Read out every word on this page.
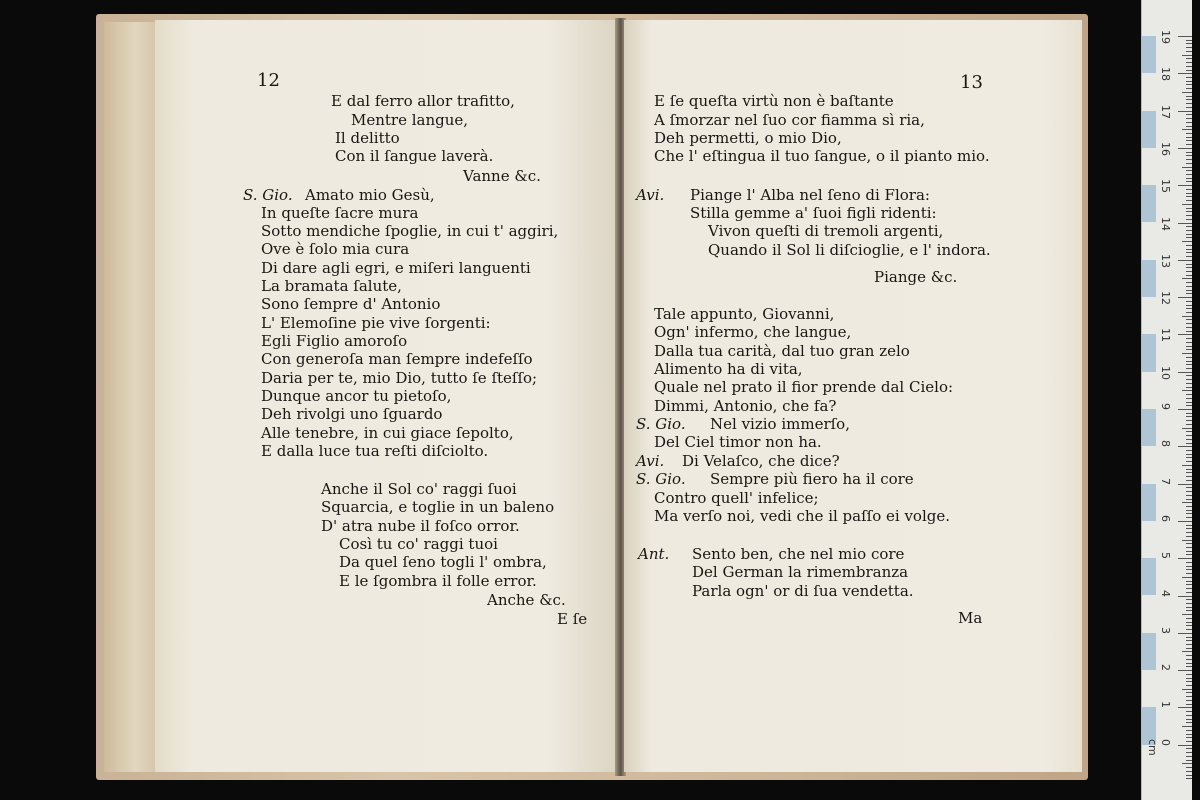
12
E dal ferro allor trafitto,
Mentre langue,
Il delitto
Con il ſangue laverà.
Vanne &c.
S. Gio. Amato mio Gesù,
In queſte ſacre mura
Sotto mendiche ſpoglie, in cui t' aggiri,
Ove è ſolo mia cura
Di dare agli egri, e miſeri languenti
La bramata ſalute,
Sono ſempre d' Antonio
L' Elemoſine pie vive ſorgenti:
Egli Figlio amoroſo
Con generoſa man ſempre indefeſſo
Daria per te, mio Dio, tutto ſe ſteſſo;
Dunque ancor tu pietoſo,
Deh rivolgi uno ſguardo
Alle tenebre, in cui giace ſepolto,
E dalla luce tua reſti diſciolto.
Anche il Sol co' raggi ſuoi
Squarcia, e toglie in un baleno
D' atra nube il foſco orror.
Così tu co' raggi tuoi
Da quel ſeno togli l' ombra,
E le ſgombra il folle error.
Anche &c.
E ſe
13
E ſe queſta virtù non è baſtante
A ſmorzar nel ſuo cor fiamma sì ria,
Deh permetti, o mio Dio,
Che l' eſtingua il tuo ſangue, o il pianto mio.
Avi. Piange l' Alba nel ſeno di Flora:
Stilla gemme a' ſuoi figli ridenti:
Vivon queſti di tremoli argenti,
Quando il Sol li diſcioglie, e l' indora.
Piange &c.
Tale appunto, Giovanni,
Ogn' infermo, che langue,
Dalla tua carità, dal tuo gran zelo
Alimento ha di vita,
Quale nel prato il fior prende dal Cielo:
Dimmi, Antonio, che fa?
S. Gio. Nel vizio immerſo,
Del Ciel timor non ha.
Avi. Di Velaſco, che dice?
S. Gio. Sempre più fiero ha il core
Contro quell' infelice;
Ma verſo noi, vedi che il paſſo ei volge.
Ant. Sento ben, che nel mio core
Del German la rimembranza
Parla ogn' or di ſua vendetta.
Ma
19
18
17
16
15
14
13
12
11
10
9
8
7
6
5
4
3
2
1
0 cm
